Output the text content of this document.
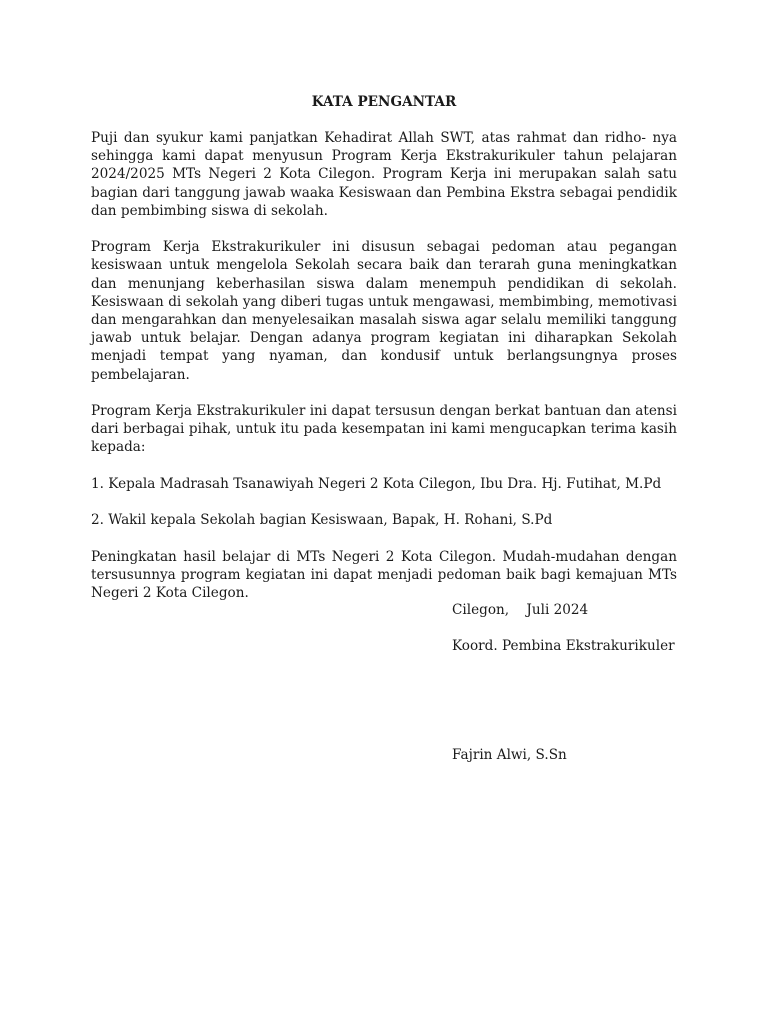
KATA PENGANTAR

Puji dan syukur kami panjatkan Kehadirat Allah SWT, atas rahmat dan ridho- nya sehingga kami dapat menyusun Program Kerja Ekstrakurikuler tahun pelajaran 2024/2025 MTs Negeri 2 Kota Cilegon. Program Kerja ini merupakan salah satu bagian dari tanggung jawab waaka Kesiswaan dan Pembina Ekstra sebagai pendidik dan pembimbing siswa di sekolah.

Program Kerja Ekstrakurikuler ini disusun sebagai pedoman atau pegangan kesiswaan untuk mengelola Sekolah secara baik dan terarah guna meningkatkan dan menunjang keberhasilan siswa dalam menempuh pendidikan di sekolah. Kesiswaan di sekolah yang diberi tugas untuk mengawasi, membimbing, memotivasi dan mengarahkan dan menyelesaikan masalah siswa agar selalu memiliki tanggung jawab untuk belajar. Dengan adanya program kegiatan ini diharapkan Sekolah menjadi tempat yang nyaman, dan kondusif untuk berlangsungnya proses pembelajaran.

Program Kerja Ekstrakurikuler ini dapat tersusun dengan berkat bantuan dan atensi dari berbagai pihak, untuk itu pada kesempatan ini kami mengucapkan terima kasih kepada:

1. Kepala Madrasah Tsanawiyah Negeri 2 Kota Cilegon, Ibu Dra. Hj. Futihat, M.Pd

2. Wakil kepala Sekolah bagian Kesiswaan, Bapak, H. Rohani, S.Pd

Peningkatan hasil belajar di MTs Negeri 2 Kota Cilegon. Mudah-mudahan dengan tersusunnya program kegiatan ini dapat menjadi pedoman baik bagi kemajuan MTs Negeri 2 Kota Cilegon.

Cilegon,    Juli 2024

Koord. Pembina Ekstrakurikuler

Fajrin Alwi, S.Sn
